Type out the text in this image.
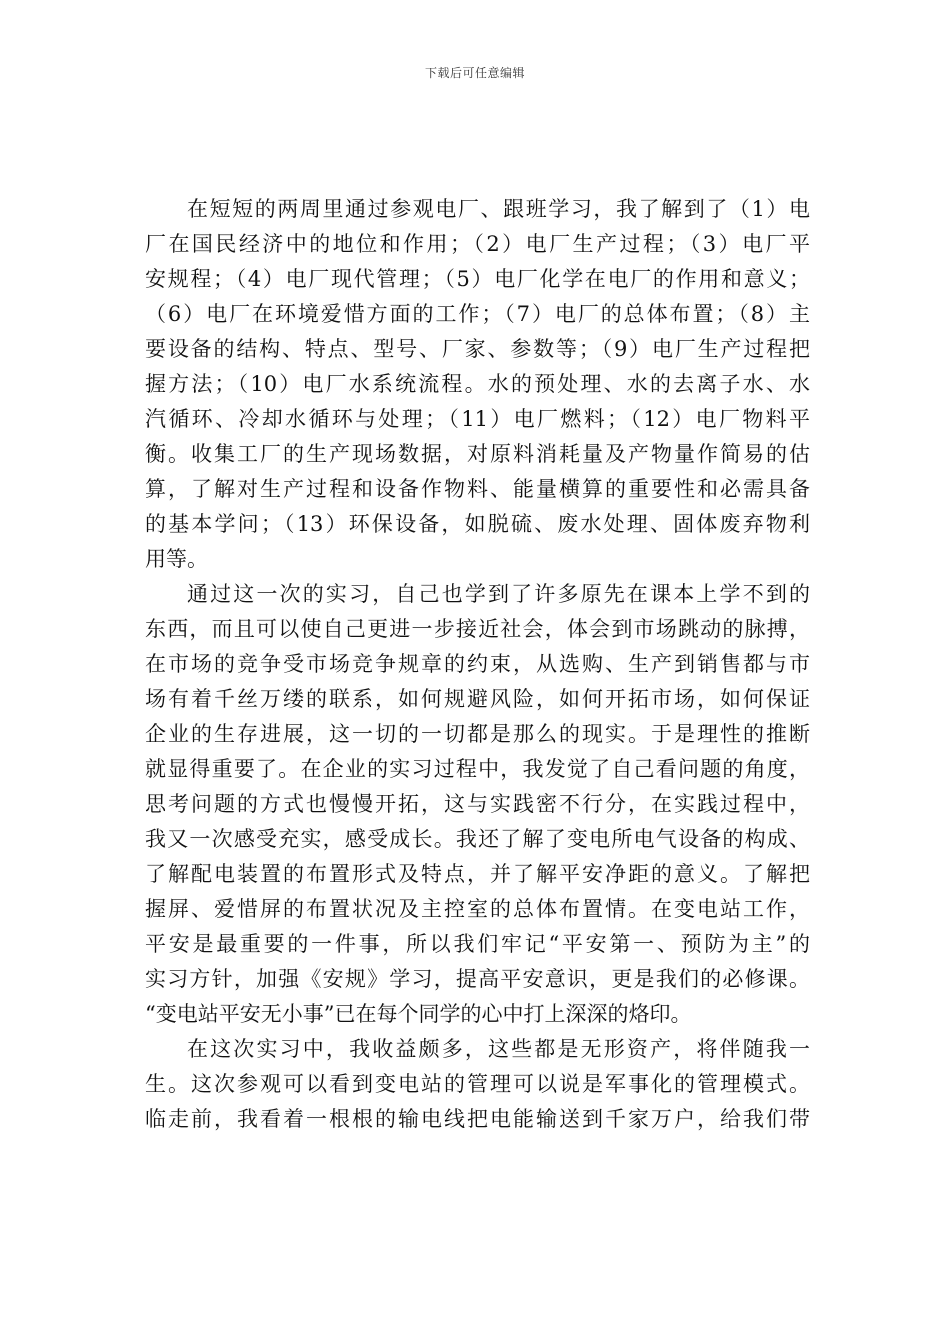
下载后可任意编辑
在短短的两周里通过参观电厂、跟班学习，我了解到了（1）电
厂在国民经济中的地位和作用；（2）电厂生产过程；（3）电厂平
安规程；（4）电厂现代管理；（5）电厂化学在电厂的作用和意义；
（6）电厂在环境爱惜方面的工作；（7）电厂的总体布置；（8）主
要设备的结构、特点、型号、厂家、参数等；（9）电厂生产过程把
握方法；（10）电厂水系统流程。水的预处理、水的去离子水、水
汽循环、冷却水循环与处理；（11）电厂燃料；（12）电厂物料平
衡。收集工厂的生产现场数据，对原料消耗量及产物量作简易的估
算，了解对生产过程和设备作物料、能量横算的重要性和必需具备
的基本学问；（13）环保设备，如脱硫、废水处理、固体废弃物利
用等。
通过这一次的实习，自己也学到了许多原先在课本上学不到的
东西，而且可以使自己更进一步接近社会，体会到市场跳动的脉搏，
在市场的竞争受市场竞争规章的约束，从选购、生产到销售都与市
场有着千丝万缕的联系，如何规避风险，如何开拓市场，如何保证
企业的生存进展，这一切的一切都是那么的现实。于是理性的推断
就显得重要了。在企业的实习过程中，我发觉了自己看问题的角度，
思考问题的方式也慢慢开拓，这与实践密不行分，在实践过程中，
我又一次感受充实，感受成长。我还了解了变电所电气设备的构成、
了解配电装置的布置形式及特点，并了解平安净距的意义。了解把
握屏、爱惜屏的布置状况及主控室的总体布置情。在变电站工作，
平安是最重要的一件事，所以我们牢记“平安第一、预防为主”的
实习方针，加强《安规》学习，提高平安意识，更是我们的必修课。
“变电站平安无小事”已在每个同学的心中打上深深的烙印。
在这次实习中，我收益颇多，这些都是无形资产，将伴随我一
生。这次参观可以看到变电站的管理可以说是军事化的管理模式。
临走前，我看着一根根的输电线把电能输送到千家万户，给我们带
